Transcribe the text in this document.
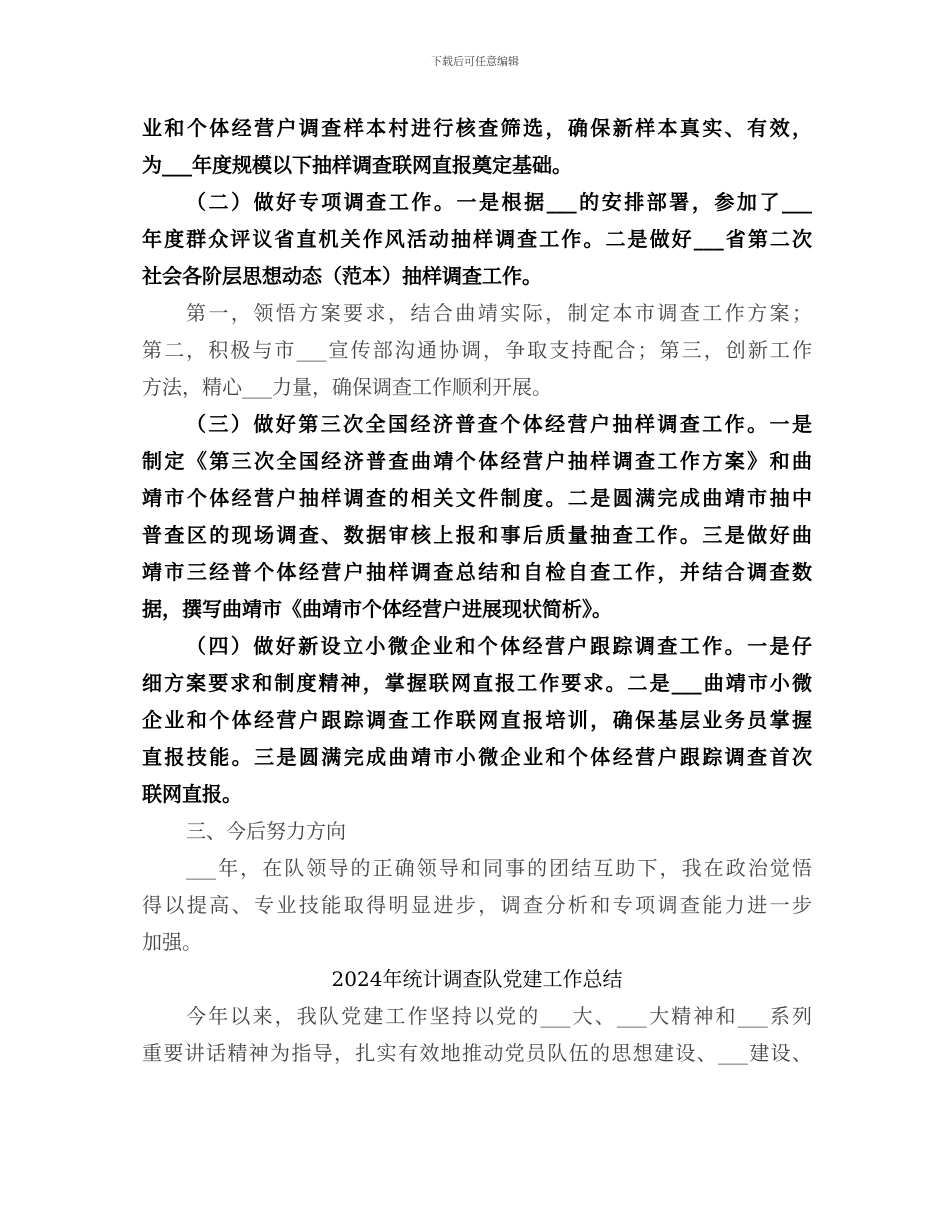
下载后可任意编辑
业和个体经营户调查样本村进行核查筛选，确保新样本真实、有效，
为___年度规模以下抽样调查联网直报奠定基础。
（二）做好专项调查工作。一是根据___的安排部署，参加了___
年度群众评议省直机关作风活动抽样调查工作。二是做好___省第二次
社会各阶层思想动态（范本）抽样调查工作。
第一，领悟方案要求，结合曲靖实际，制定本市调查工作方案；
第二，积极与市___宣传部沟通协调，争取支持配合；第三，创新工作
方法，精心___力量，确保调查工作顺利开展。
（三）做好第三次全国经济普查个体经营户抽样调查工作。一是
制定《第三次全国经济普查曲靖个体经营户抽样调查工作方案》和曲
靖市个体经营户抽样调查的相关文件制度。二是圆满完成曲靖市抽中
普查区的现场调查、数据审核上报和事后质量抽查工作。三是做好曲
靖市三经普个体经营户抽样调查总结和自检自查工作，并结合调查数
据，撰写曲靖市《曲靖市个体经营户进展现状简析》。
（四）做好新设立小微企业和个体经营户跟踪调查工作。一是仔
细方案要求和制度精神，掌握联网直报工作要求。二是___曲靖市小微
企业和个体经营户跟踪调查工作联网直报培训，确保基层业务员掌握
直报技能。三是圆满完成曲靖市小微企业和个体经营户跟踪调查首次
联网直报。
三、今后努力方向
___年，在队领导的正确领导和同事的团结互助下，我在政治觉悟
得以提高、专业技能取得明显进步，调查分析和专项调查能力进一步
加强。
2024年统计调查队党建工作总结
今年以来，我队党建工作坚持以党的___大、___大精神和___系列
重要讲话精神为指导，扎实有效地推动党员队伍的思想建设、___建设、
